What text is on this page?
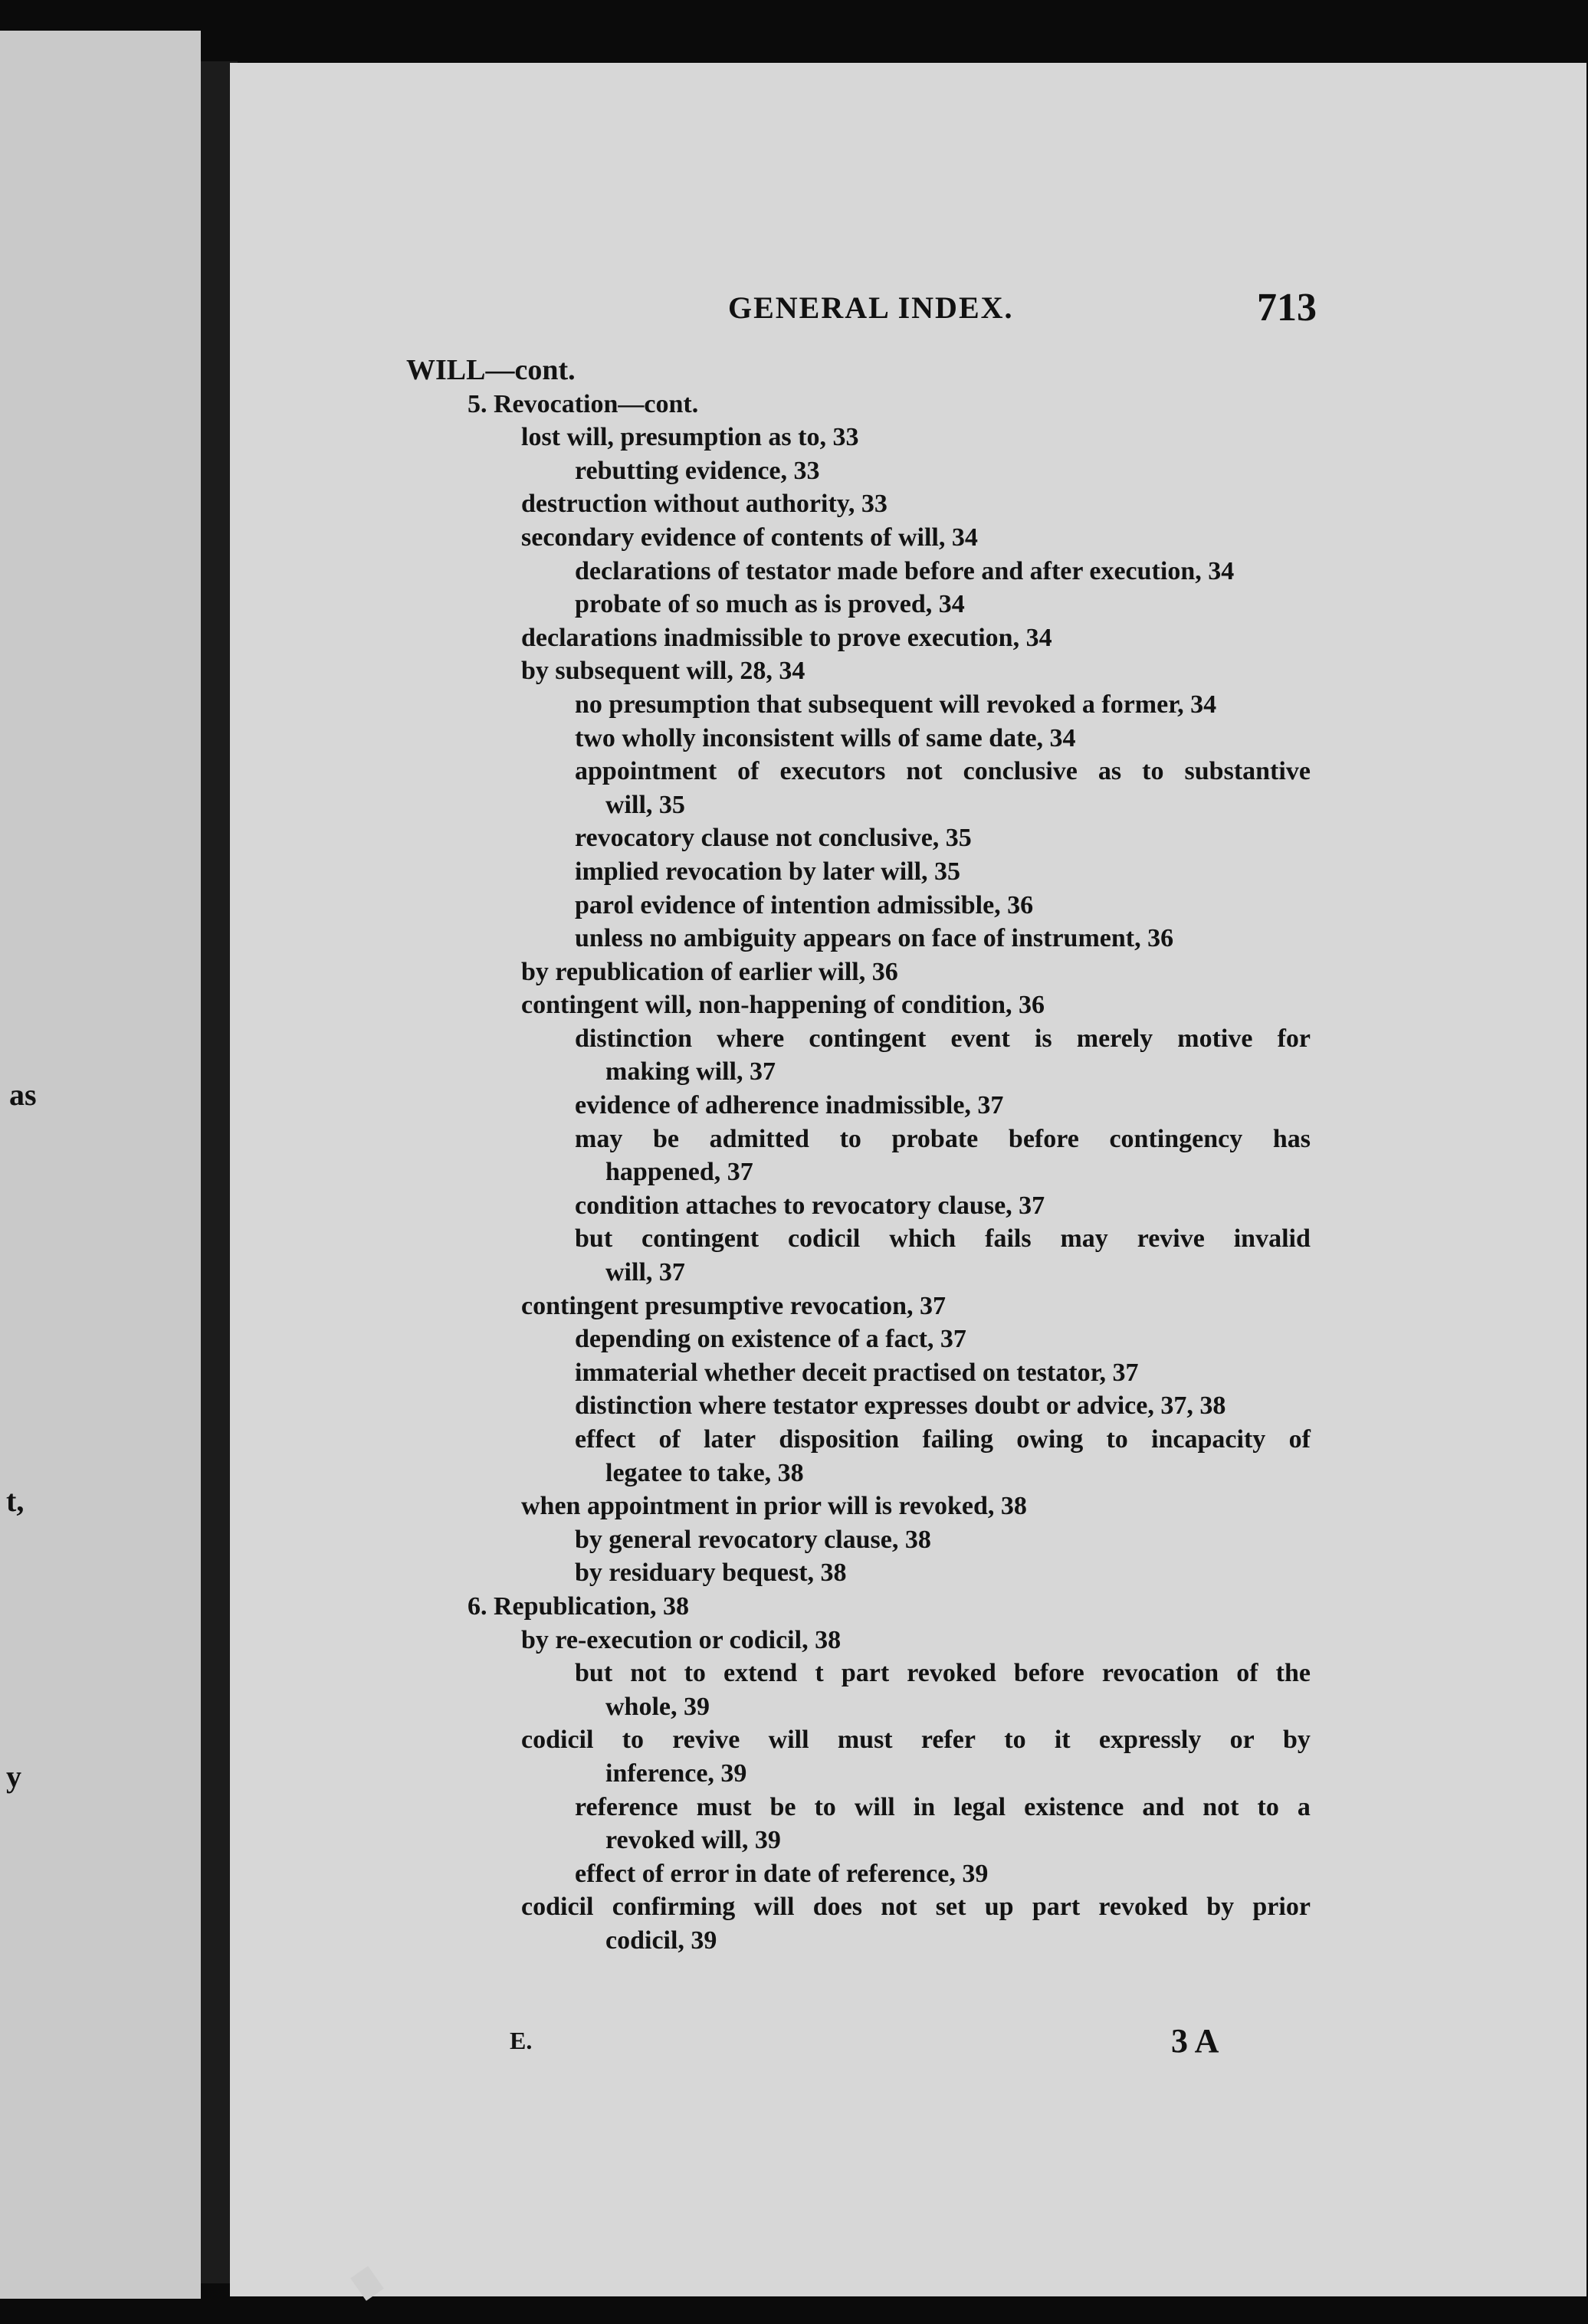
as
t,
y
GENERAL INDEX.	713
WILL—cont.
5. Revocation—cont.
lost will, presumption as to, 33
rebutting evidence, 33
destruction without authority, 33
secondary evidence of contents of will, 34
declarations of testator made before and after execution, 34
probate of so much as is proved, 34
declarations inadmissible to prove execution, 34
by subsequent will, 28, 34
no presumption that subsequent will revoked a former, 34
two wholly inconsistent wills of same date, 34
appointment of executors not conclusive as to substantive
will, 35
revocatory clause not conclusive, 35
implied revocation by later will, 35
parol evidence of intention admissible, 36
unless no ambiguity appears on face of instrument, 36
by republication of earlier will, 36
contingent will, non-happening of condition, 36
distinction where contingent event is merely motive for
making will, 37
evidence of adherence inadmissible, 37
may be admitted to probate before contingency has
happened, 37
condition attaches to revocatory clause, 37
but contingent codicil which fails may revive invalid
will, 37
contingent presumptive revocation, 37
depending on existence of a fact, 37
immaterial whether deceit practised on testator, 37
distinction where testator expresses doubt or advice, 37, 38
effect of later disposition failing owing to incapacity of
legatee to take, 38
when appointment in prior will is revoked, 38
by general revocatory clause, 38
by residuary bequest, 38
6. Republication, 38
by re-execution or codicil, 38
but not to extend t part revoked before revocation of the
whole, 39
codicil to revive will must refer to it expressly or by
inference, 39
reference must be to will in legal existence and not to a
revoked will, 39
effect of error in date of reference, 39
codicil confirming will does not set up part revoked by prior
codicil, 39
E.	3 A
